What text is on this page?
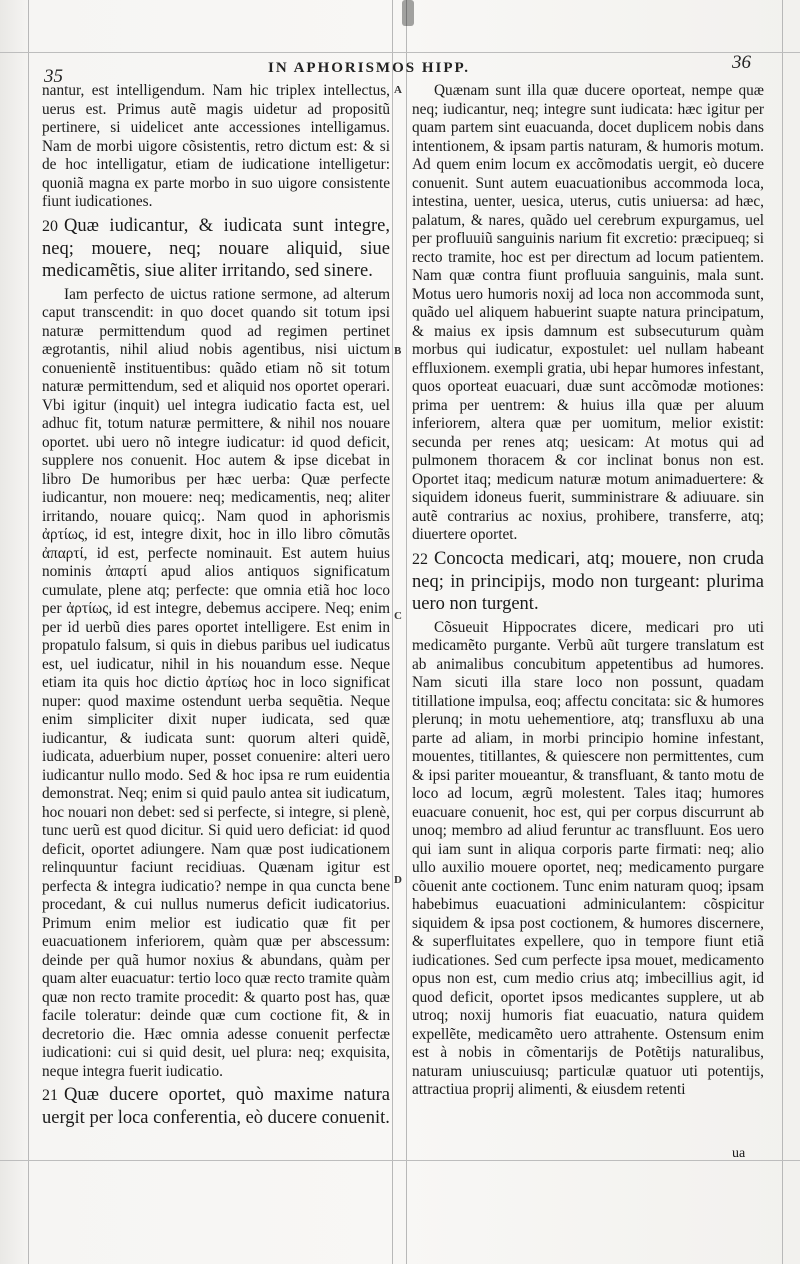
35	IN APHORISMOS HIPP.	36
A
B
C
D

nantur, est intelligendum. Nam hic triplex intellectus, uerus est. Primus autẽ magis uidetur ad propositũ pertinere, si uidelicet ante accessiones intelligamus. Nam de morbi uigore cõsistentis, retro dictum est: & si de hoc intelligatur, etiam de iudicatione intelligetur: quoniã magna ex parte morbo in suo uigore consistente fiunt iudicationes.

20 Quæ iudicantur, & iudicata sunt integre, neq; mouere, neq; nouare aliquid, siue medicamẽtis, siue aliter irritando, sed sinere.

Iam perfecto de uictus ratione sermone, ad alterum caput transcendit: in quo docet quando sit totum ipsi naturæ permittendum quod ad regimen pertinet ægrotantis, nihil aliud nobis agentibus, nisi uictum conuenientẽ instituentibus: quãdo etiam nõ sit totum naturæ permittendum, sed et aliquid nos oportet operari. Vbi igitur (inquit) uel integra iudicatio facta est, uel adhuc fit, totum naturæ permittere, & nihil nos nouare oportet. ubi uero nõ integre iudicatur: id quod deficit, supplere nos conuenit. Hoc autem & ipse dicebat in libro De humoribus per hæc uerba: Quæ perfecte iudicantur, non mouere: neq; medicamentis, neq; aliter irritando, nouare quicq;. Nam quod in aphorismis ἀρτίως, id est, integre dixit, hoc in illo libro cõmutãs ἀπαρτί, id est, perfecte nominauit. Est autem huius nominis ἀπαρτί apud alios antiquos significatum cumulate, plene atq; perfecte: que omnia etiã hoc loco per ἀρτίως, id est integre, debemus accipere. Neq; enim per id uerbũ dies pares oportet intelligere. Est enim in propatulo falsum, si quis in diebus paribus uel iudicatus est, uel iudicatur, nihil in his nouandum esse. Neque etiam ita quis hoc dictio ἀρτίως hoc in loco significat nuper: quod maxime ostendunt uerba sequẽtia. Neque enim simpliciter dixit nuper iudicata, sed quæ iudicantur, & iudicata sunt: quorum alteri quidẽ, iudicata, aduerbium nuper, posset conuenire: alteri uero iudicantur nullo modo. Sed & hoc ipsa re rum euidentia demonstrat. Neq; enim si quid paulo antea sit iudicatum, hoc nouari non debet: sed si perfecte, si integre, si plenè, tunc uerũ est quod dicitur. Si quid uero deficiat: id quod deficit, oportet adiungere. Nam quæ post iudicationem relinquuntur faciunt recidiuas. Quænam igitur est perfecta & integra iudicatio? nempe in qua cuncta bene procedant, & cui nullus numerus deficit iudicatorius. Primum enim melior est iudicatio quæ fit per euacuationem inferiorem, quàm quæ per abscessum: deinde per quã humor noxius & abundans, quàm per quam alter euacuatur: tertio loco quæ recto tramite quàm quæ non recto tramite procedit: & quarto post has, quæ facile toleratur: deinde quæ cum coctione fit, & in decretorio die. Hæc omnia adesse conuenit perfectæ iudicationi: cui si quid desit, uel plura: neq; exquisita, neque integra fuerit iudicatio.

21 Quæ ducere oportet, quò maxime natura uergit per loca conferentia, eò ducere conuenit.

Quænam sunt illa quæ ducere oporteat, nempe quæ neq; iudicantur, neq; integre sunt iudicata: hæc igitur per quam partem sint euacuanda, docet duplicem nobis dans intentionem, & ipsam partis naturam, & humoris motum. Ad quem enim locum ex accõmodatis uergit, eò ducere conuenit. Sunt autem euacuationibus accommoda loca, intestina, uenter, uesica, uterus, cutis uniuersa: ad hæc, palatum, & nares, quãdo uel cerebrum expurgamus, uel per profluuiũ sanguinis narium fit excretio: præcipueq; si recto tramite, hoc est per directum ad locum patientem. Nam quæ contra fiunt profluuia sanguinis, mala sunt. Motus uero humoris noxij ad loca non accommoda sunt, quãdo uel aliquem habuerint suapte natura principatum, & maius ex ipsis damnum est subsecuturum quàm morbus qui iudicatur, expostulet: uel nullam habeant effluxionem. exempli gratia, ubi hepar humores infestant, quos oporteat euacuari, duæ sunt accõmodæ motiones: prima per uentrem: & huius illa quæ per aluum inferiorem, altera quæ per uomitum, melior existit: secunda per renes atq; uesicam: At motus qui ad pulmonem thoracem & cor inclinat bonus non est. Oportet itaq; medicum naturæ motum animaduertere: & siquidem idoneus fuerit, sumministrare & adiuuare. sin autẽ contrarius ac noxius, prohibere, transferre, atq; diuertere oportet.

22 Concocta medicari, atq; mouere, non cruda neq; in principijs, modo non turgeant: plurima uero non turgent.

Cõsueuit Hippocrates dicere, medicari pro uti medicamẽto purgante. Verbũ aũt turgere translatum est ab animalibus concubitum appetentibus ad humores. Nam sicuti illa stare loco non possunt, quadam titillatione impulsa, eoq; affectu concitata: sic & humores plerunq; in motu uehementiore, atq; transfluxu ab una parte ad aliam, in morbi principio homine infestant, mouentes, titillantes, & quiescere non permittentes, cum & ipsi pariter moueantur, & transfluant, & tanto motu de loco ad locum, ægrũ molestent. Tales itaq; humores euacuare conuenit, hoc est, qui per corpus discurrunt ab unoq; membro ad aliud feruntur ac transfluunt. Eos uero qui iam sunt in aliqua corporis parte firmati: neq; alio ullo auxilio mouere oportet, neq; medicamento purgare cõuenit ante coctionem. Tunc enim naturam quoq; ipsam habebimus euacuationi adminiculantem: cõspicitur siquidem & ipsa post coctionem, & humores discernere, & superfluitates expellere, quo in tempore fiunt etiã iudicationes. Sed cum perfecte ipsa mouet, medicamento opus non est, cum medio crius atq; imbecillius agit, id quod deficit, oportet ipsos medicantes supplere, ut ab utroq; noxij humoris fiat euacuatio, natura quidem expellẽte, medicamẽto uero attrahente. Ostensum enim est à nobis in cõmentarijs de Potẽtijs naturalibus, naturam uniuscuiusq; particulæ quatuor uti potentijs, attractiua proprij alimenti, & eiusdem retenti

ua
